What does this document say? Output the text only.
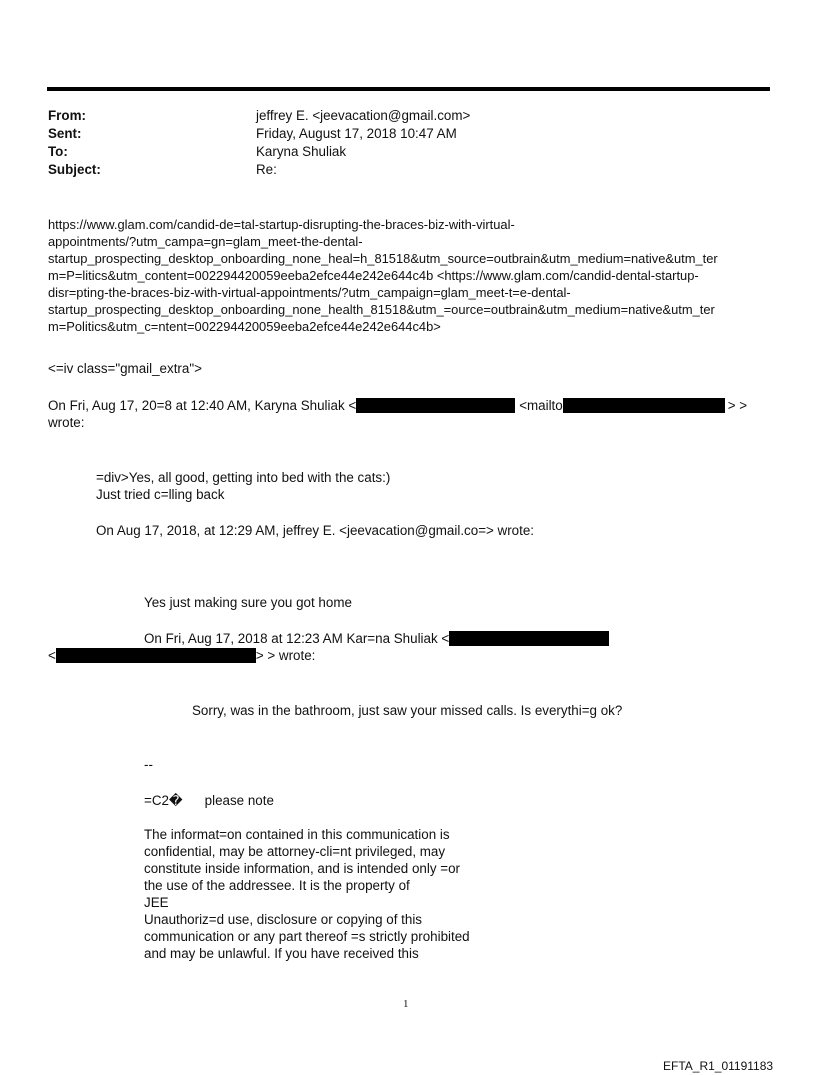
From:	jeffrey E. <jeevacation@gmail.com>
Sent:	Friday, August 17, 2018 10:47 AM
To:	Karyna Shuliak
Subject:	Re:
https://www.glam.com/candid-de=tal-startup-disrupting-the-braces-biz-with-virtual-
appointments/?utm_campa=gn=glam_meet-the-dental-
startup_prospecting_desktop_onboarding_none_heal=h_81518&utm_source=outbrain&utm_medium=native&utm_ter
m=P=litics&utm_content=002294420059eeba2efce44e242e644c4b <https://www.glam.com/candid-dental-startup-
disr=pting-the-braces-biz-with-virtual-appointments/?utm_campaign=glam_meet-t=e-dental-
startup_prospecting_desktop_onboarding_none_health_81518&utm_=ource=outbrain&utm_medium=native&utm_ter
m=Politics&utm_c=ntent=002294420059eeba2efce44e242e644c4b>
<=iv class="gmail_extra">
On Fri, Aug 17, 20=8 at 12:40 AM, Karyna Shuliak <	<mailto	> >
wrote:
=div>Yes, all good, getting into bed with the cats:)
Just tried c=lling back
On Aug 17, 2018, at 12:29 AM, jeffrey E. <jeevacation@gmail.co=> wrote:
Yes just making sure you got home
On Fri, Aug 17, 2018 at 12:23 AM Kar=na Shuliak <
<	> > wrote:
Sorry, was in the bathroom, just saw your missed calls. Is everythi=g ok?
--
=C2� please note
The informat=on contained in this communication is
confidential, may be attorney-cli=nt privileged, may
constitute inside information, and is intended only =or
the use of the addressee. It is the property of
JEE
Unauthoriz=d use, disclosure or copying of this
communication or any part thereof =s strictly prohibited
and may be unlawful. If you have received this
1
EFTA_R1_01191183
